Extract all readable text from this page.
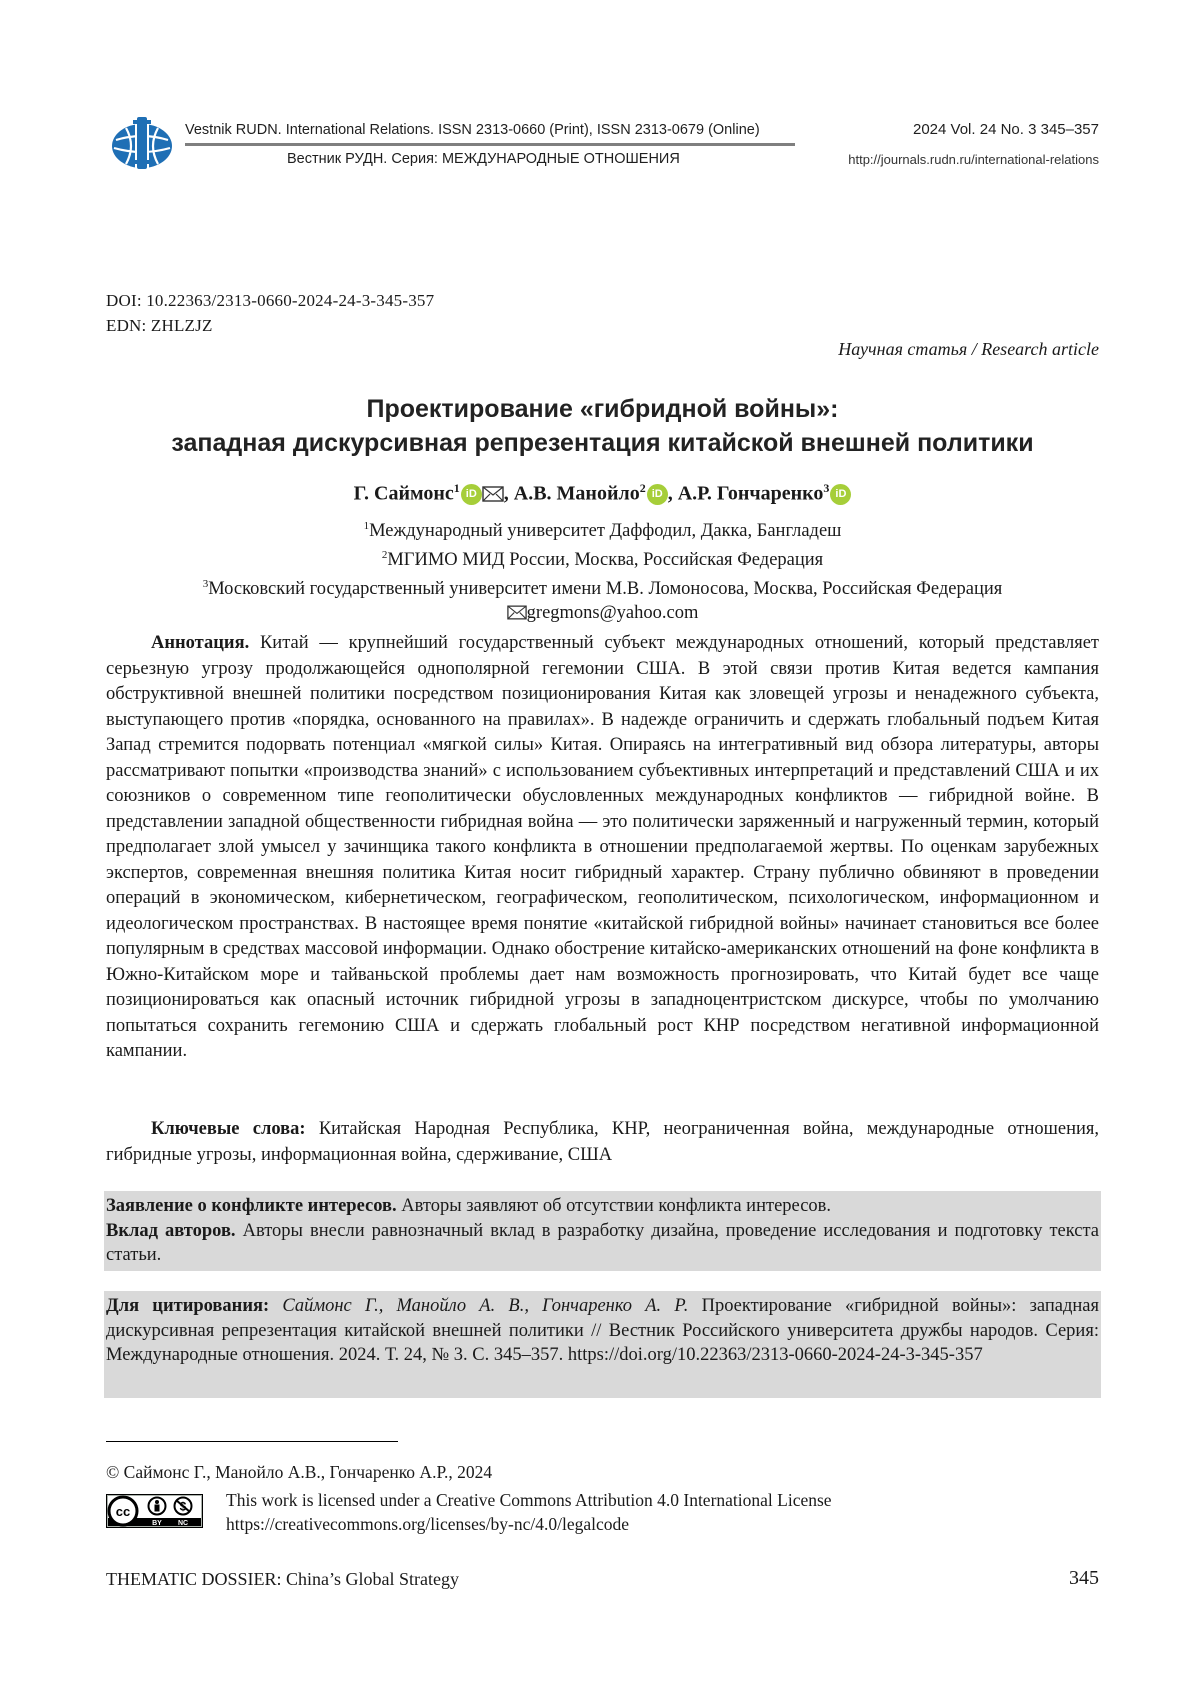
Vestnik RUDN. International Relations. ISSN 2313-0660 (Print), ISSN 2313-0679 (Online)
Вестник РУДН. Серия: МЕЖДУНАРОДНЫЕ ОТНОШЕНИЯ
2024 Vol. 24 No. 3 345–357
http://journals.rudn.ru/international-relations
DOI: 10.22363/2313-0660-2024-24-3-345-357
EDN: ZHLZJZ
Научная статья / Research article
Проектирование «гибридной войны»:
западная дискурсивная репрезентация китайской внешней политики
Г. Саймонс1 iD , А.В. Манойло2 iD , А.Р. Гончаренко3 iD
1Международный университет Даффодил, Дакка, Бангладеш
2МГИМО МИД России, Москва, Российская Федерация
3Московский государственный университет имени М.В. Ломоносова, Москва, Российская Федерация
gregmons@yahoo.com
Аннотация. Китай — крупнейший государственный субъект международных отношений, который представляет серьезную угрозу продолжающейся однополярной гегемонии США. В этой связи против Китая ведется кампания обструктивной внешней политики посредством позиционирования Китая как зловещей угрозы и ненадежного субъекта, выступающего против «порядка, основанного на правилах». В надежде ограничить и сдержать глобальный подъем Китая Запад стремится подорвать потенциал «мягкой силы» Китая. Опираясь на интегративный вид обзора литературы, авторы рассматривают попытки «производства знаний» с использованием субъективных интерпретаций и представлений США и их союзников о современном типе геополитически обусловленных международных конфликтов — гибридной войне. В представлении западной общественности гибридная война — это политически заряженный и нагруженный термин, который предполагает злой умысел у зачинщика такого конфликта в отношении предполагаемой жертвы. По оценкам зарубежных экспертов, современная внешняя политика Китая носит гибридный характер. Страну публично обвиняют в проведении операций в экономическом, кибернетическом, географическом, геополитическом, психологическом, информационном и идеологическом пространствах. В настоящее время понятие «китайской гибридной войны» начинает становиться все более популярным в средствах массовой информации. Однако обострение китайско-американских отношений на фоне конфликта в Южно-Китайском море и тайваньской проблемы дает нам возможность прогнозировать, что Китай будет все чаще позиционироваться как опасный источник гибридной угрозы в западноцентристском дискурсе, чтобы по умолчанию попытаться сохранить гегемонию США и сдержать глобальный рост КНР посредством негативной информационной кампании.
Ключевые слова: Китайская Народная Республика, КНР, неограниченная война, международные отношения, гибридные угрозы, информационная война, сдерживание, США
Заявление о конфликте интересов. Авторы заявляют об отсутствии конфликта интересов.
Вклад авторов. Авторы внесли равнозначный вклад в разработку дизайна, проведение исследования и подготовку текста статьи.
Для цитирования: Саймонс Г., Манойло А. В., Гончаренко А. Р. Проектирование «гибридной войны»: западная дискурсивная репрезентация китайской внешней политики // Вестник Российского университета дружбы народов. Серия: Международные отношения. 2024. Т. 24, № 3. С. 345–357. https://doi.org/10.22363/2313-0660-2024-24-3-345-357
© Саймонс Г., Манойло А.В., Гончаренко А.Р., 2024
cc
BY NC
This work is licensed under a Creative Commons Attribution 4.0 International License
https://creativecommons.org/licenses/by-nc/4.0/legalcode
THEMATIC DOSSIER: China’s Global Strategy	345
